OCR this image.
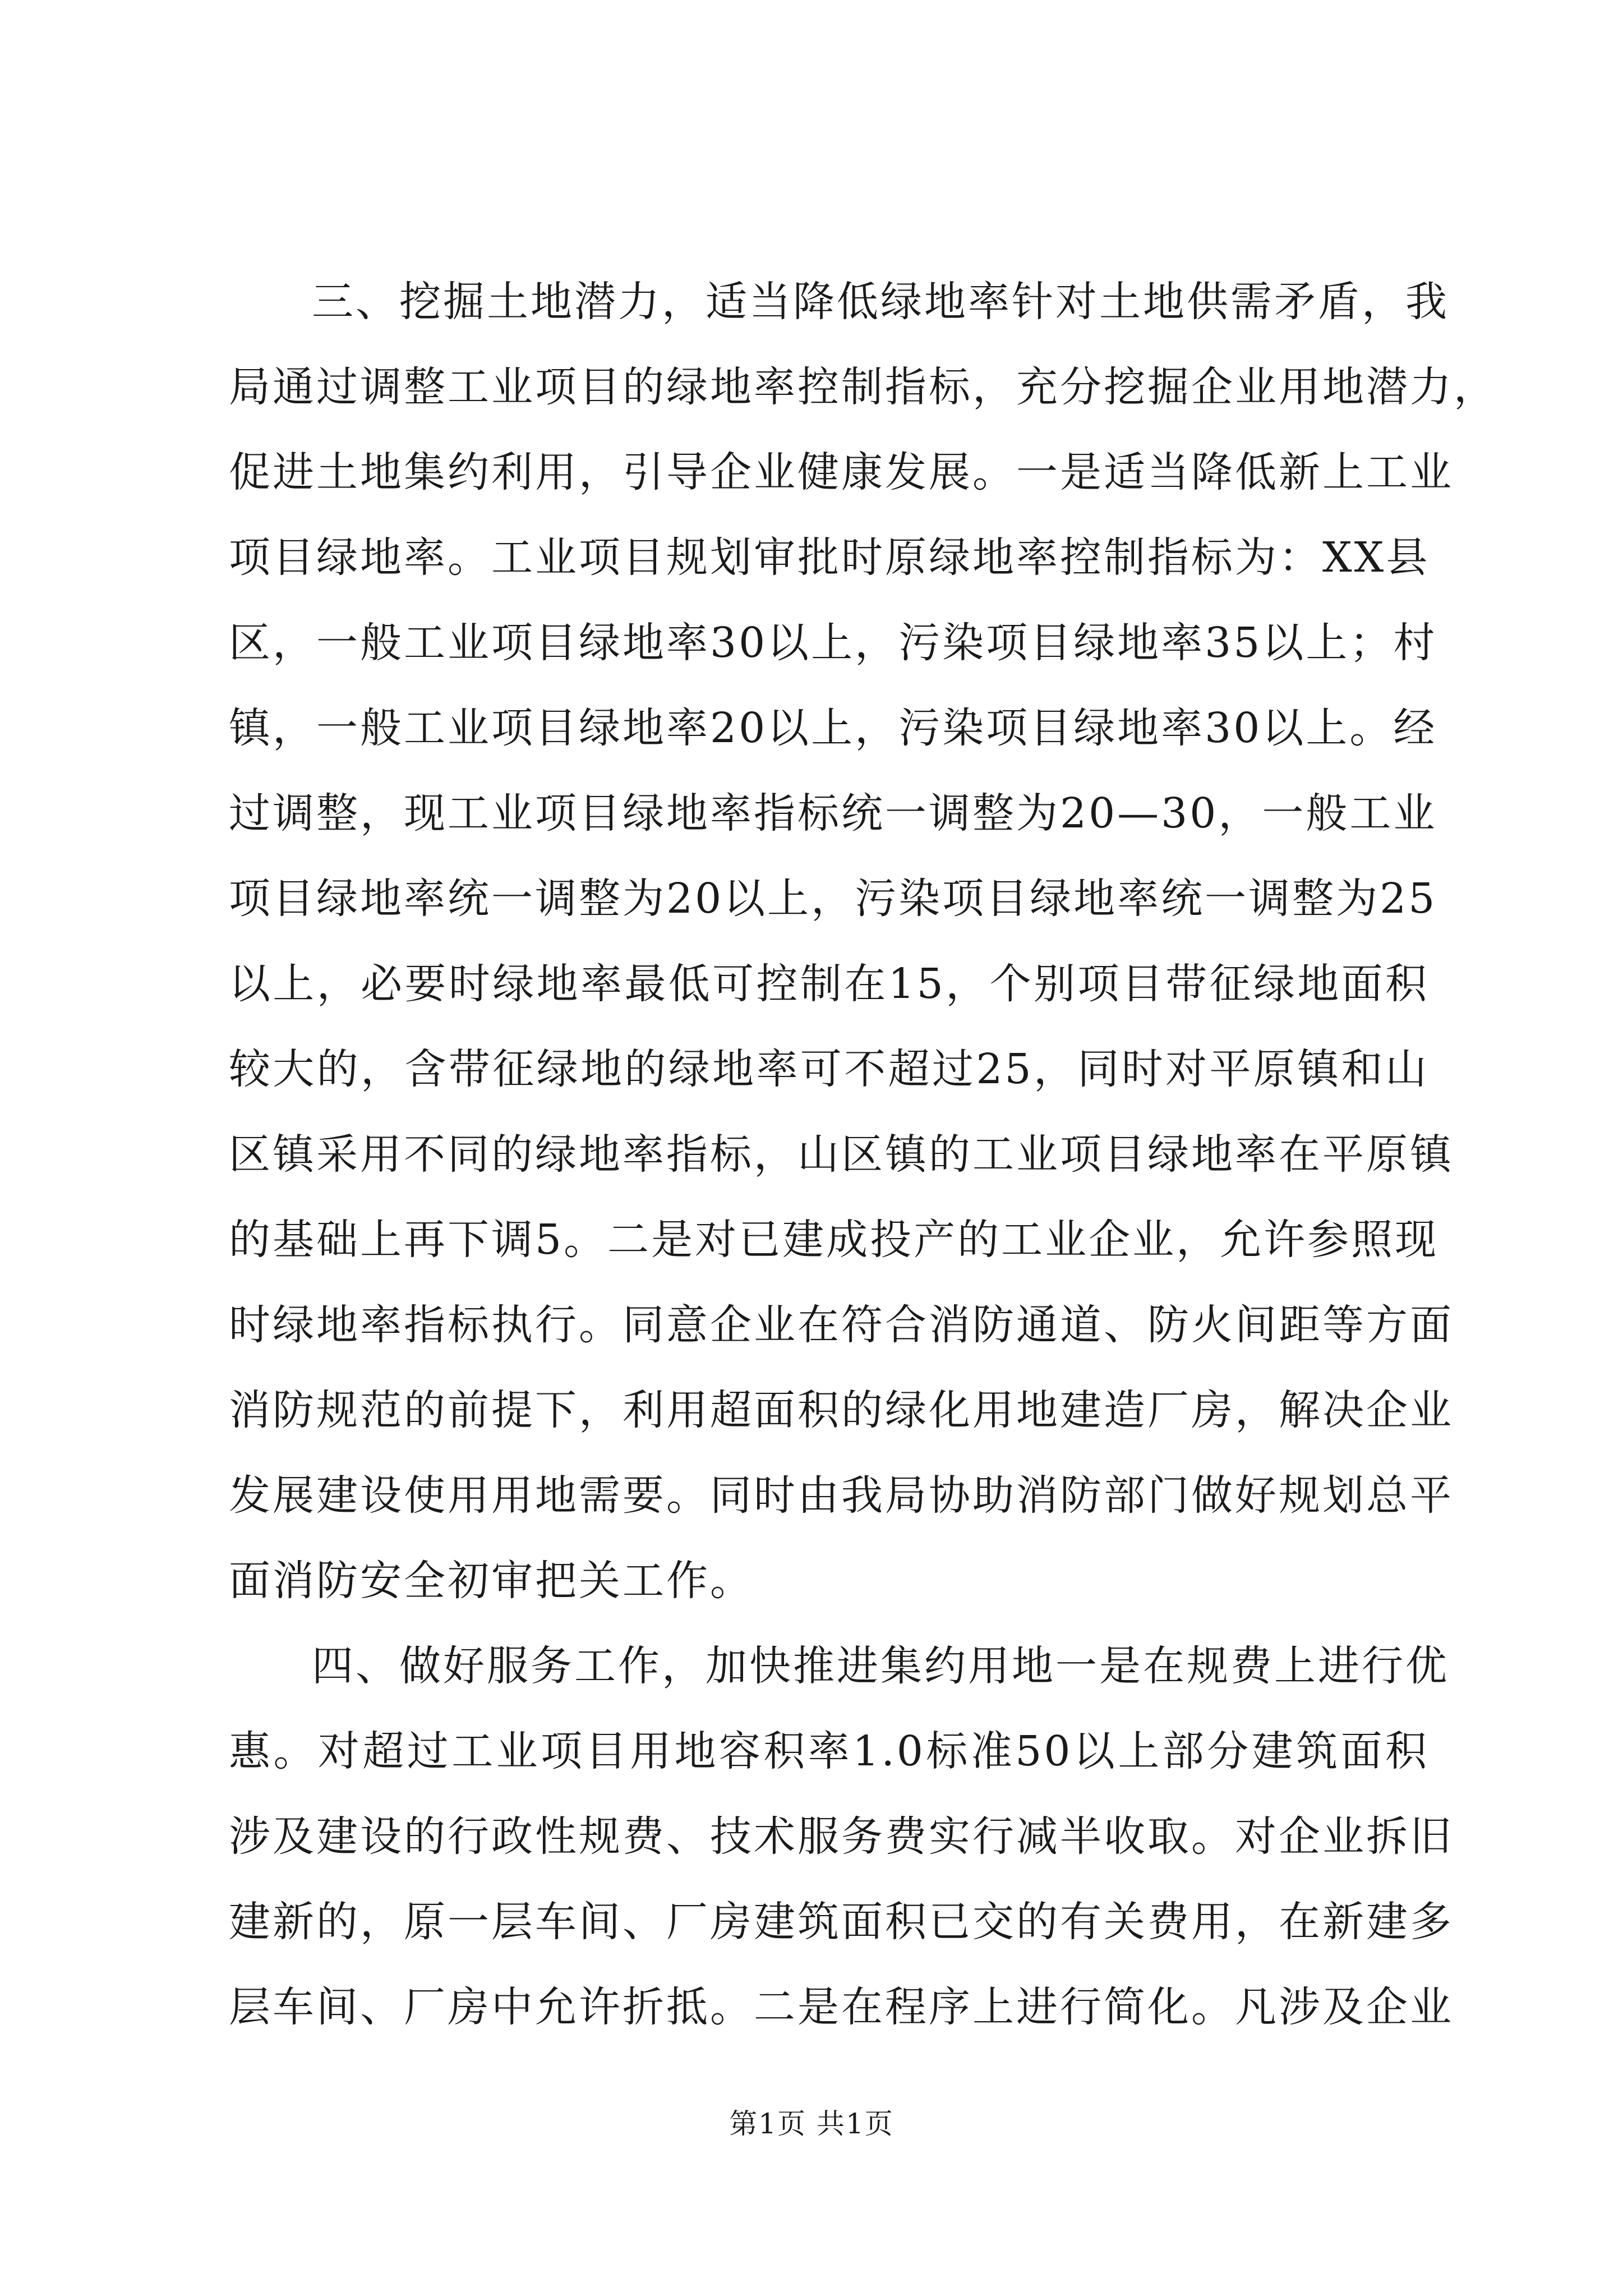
三、挖掘土地潜力，适当降低绿地率针对土地供需矛盾，我
局通过调整工业项目的绿地率控制指标，充分挖掘企业用地潜力，
促进土地集约利用，引导企业健康发展。一是适当降低新上工业
项目绿地率。工业项目规划审批时原绿地率控制指标为：XX县
区，一般工业项目绿地率30以上，污染项目绿地率35以上；村
镇，一般工业项目绿地率20以上，污染项目绿地率30以上。经
过调整，现工业项目绿地率指标统一调整为20—30，一般工业
项目绿地率统一调整为20以上，污染项目绿地率统一调整为25
以上，必要时绿地率最低可控制在15，个别项目带征绿地面积
较大的，含带征绿地的绿地率可不超过25，同时对平原镇和山
区镇采用不同的绿地率指标，山区镇的工业项目绿地率在平原镇
的基础上再下调5。二是对已建成投产的工业企业，允许参照现
时绿地率指标执行。同意企业在符合消防通道、防火间距等方面
消防规范的前提下，利用超面积的绿化用地建造厂房，解决企业
发展建设使用用地需要。同时由我局协助消防部门做好规划总平
面消防安全初审把关工作。

四、做好服务工作，加快推进集约用地一是在规费上进行优
惠。对超过工业项目用地容积率1.0标准50以上部分建筑面积
涉及建设的行政性规费、技术服务费实行减半收取。对企业拆旧
建新的，原一层车间、厂房建筑面积已交的有关费用，在新建多
层车间、厂房中允许折抵。二是在程序上进行简化。凡涉及企业

第1页 共1页
